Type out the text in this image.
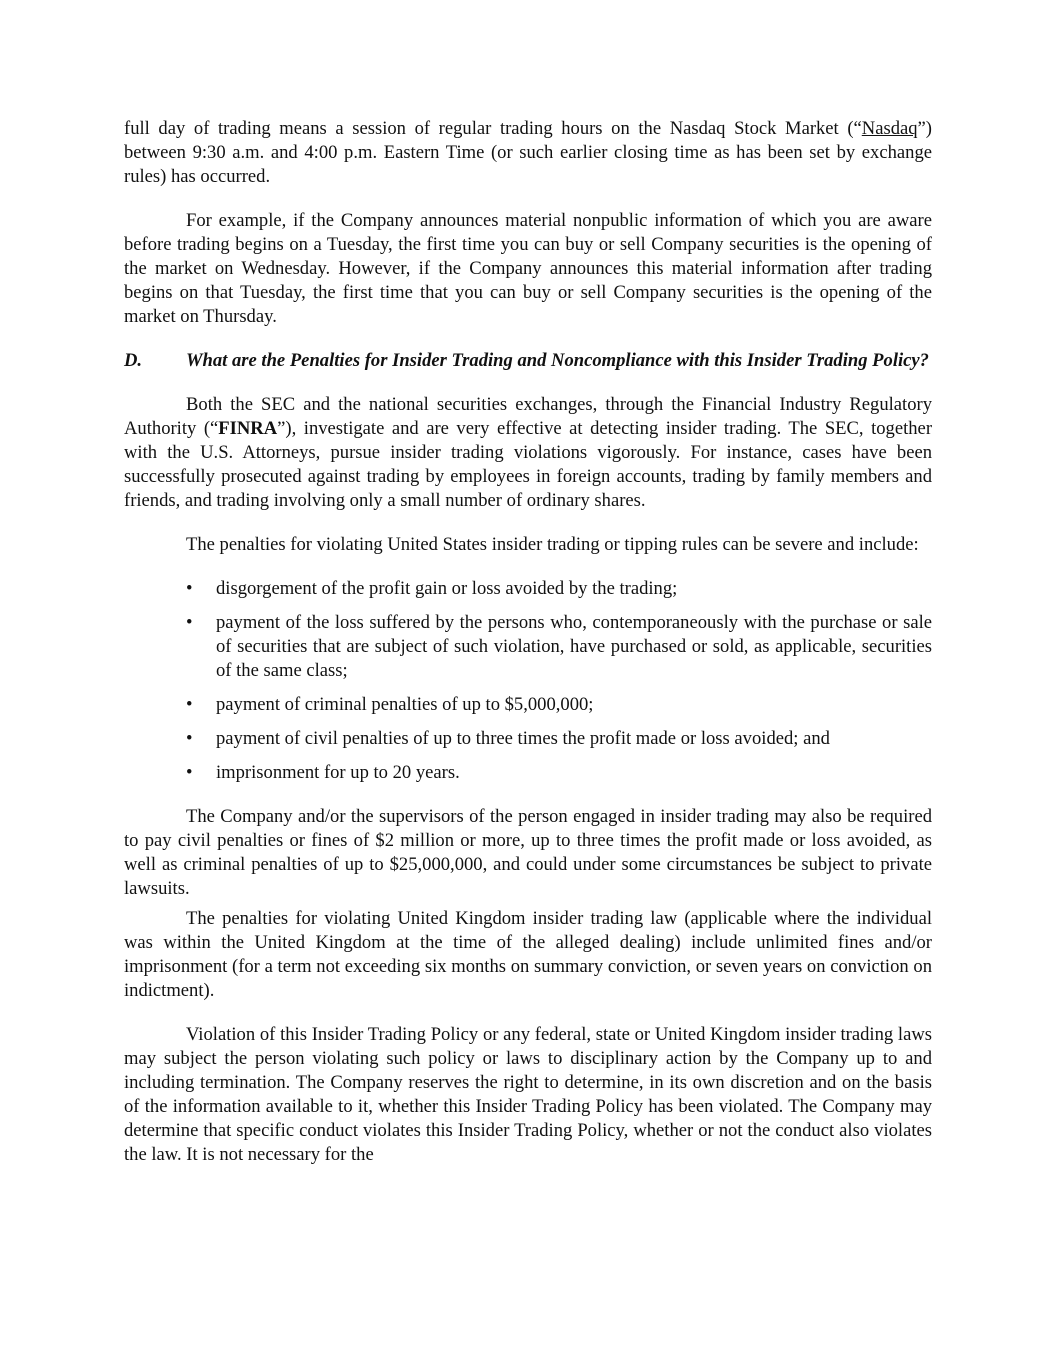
full day of trading means a session of regular trading hours on the Nasdaq Stock Market (“Nasdaq”) between 9:30 a.m. and 4:00 p.m. Eastern Time (or such earlier closing time as has been set by exchange rules) has occurred.

For example, if the Company announces material nonpublic information of which you are aware before trading begins on a Tuesday, the first time you can buy or sell Company securities is the opening of the market on Wednesday. However, if the Company announces this material information after trading begins on that Tuesday, the first time that you can buy or sell Company securities is the opening of the market on Thursday.

D. What are the Penalties for Insider Trading and Noncompliance with this Insider Trading Policy?

Both the SEC and the national securities exchanges, through the Financial Industry Regulatory Authority (“FINRA”), investigate and are very effective at detecting insider trading. The SEC, together with the U.S. Attorneys, pursue insider trading violations vigorously. For instance, cases have been successfully prosecuted against trading by employees in foreign accounts, trading by family members and friends, and trading involving only a small number of ordinary shares.

The penalties for violating United States insider trading or tipping rules can be severe and include:

• disgorgement of the profit gain or loss avoided by the trading;
• payment of the loss suffered by the persons who, contemporaneously with the purchase or sale of securities that are subject of such violation, have purchased or sold, as applicable, securities of the same class;
• payment of criminal penalties of up to $5,000,000;
• payment of civil penalties of up to three times the profit made or loss avoided; and
• imprisonment for up to 20 years.

The Company and/or the supervisors of the person engaged in insider trading may also be required to pay civil penalties or fines of $2 million or more, up to three times the profit made or loss avoided, as well as criminal penalties of up to $25,000,000, and could under some circumstances be subject to private lawsuits.

The penalties for violating United Kingdom insider trading law (applicable where the individual was within the United Kingdom at the time of the alleged dealing) include unlimited fines and/or imprisonment (for a term not exceeding six months on summary conviction, or seven years on conviction on indictment).

Violation of this Insider Trading Policy or any federal, state or United Kingdom insider trading laws may subject the person violating such policy or laws to disciplinary action by the Company up to and including termination. The Company reserves the right to determine, in its own discretion and on the basis of the information available to it, whether this Insider Trading Policy has been violated. The Company may determine that specific conduct violates this Insider Trading Policy, whether or not the conduct also violates the law. It is not necessary for the
